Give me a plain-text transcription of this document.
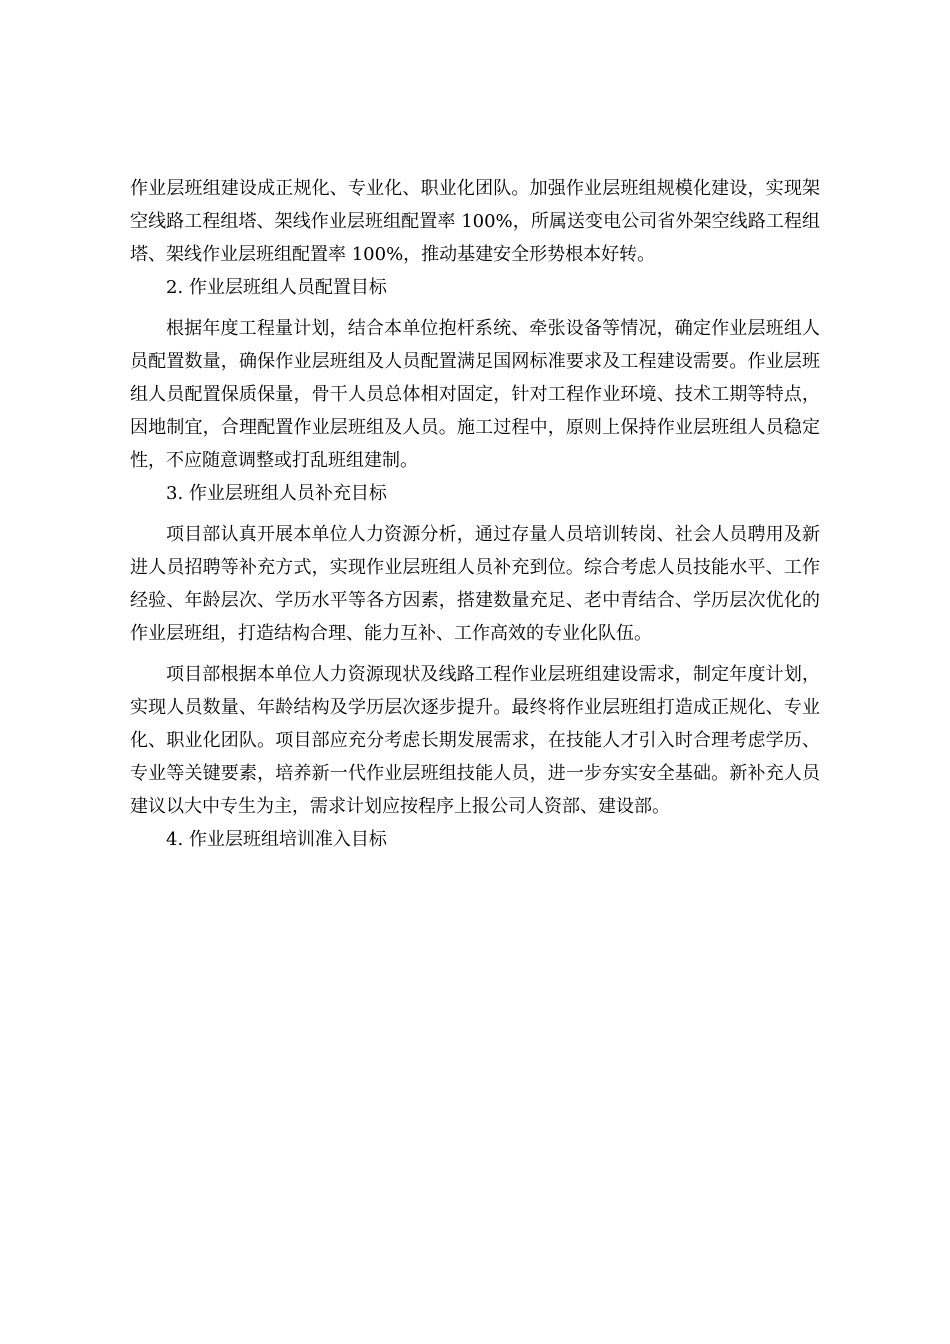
作业层班组建设成正规化、专业化、职业化团队。加强作业层班组规模化建设，实现架空线路工程组塔、架线作业层班组配置率 100%，所属送变电公司省外架空线路工程组塔、架线作业层班组配置率 100%，推动基建安全形势根本好转。

2. 作业层班组人员配置目标

根据年度工程量计划，结合本单位抱杆系统、牵张设备等情况，确定作业层班组人员配置数量，确保作业层班组及人员配置满足国网标准要求及工程建设需要。作业层班组人员配置保质保量，骨干人员总体相对固定，针对工程作业环境、技术工期等特点，因地制宜，合理配置作业层班组及人员。施工过程中，原则上保持作业层班组人员稳定性，不应随意调整或打乱班组建制。

3. 作业层班组人员补充目标

项目部认真开展本单位人力资源分析，通过存量人员培训转岗、社会人员聘用及新进人员招聘等补充方式，实现作业层班组人员补充到位。综合考虑人员技能水平、工作经验、年龄层次、学历水平等各方因素，搭建数量充足、老中青结合、学历层次优化的作业层班组，打造结构合理、能力互补、工作高效的专业化队伍。

项目部根据本单位人力资源现状及线路工程作业层班组建设需求，制定年度计划，实现人员数量、年龄结构及学历层次逐步提升。最终将作业层班组打造成正规化、专业化、职业化团队。项目部应充分考虑长期发展需求，在技能人才引入时合理考虑学历、专业等关键要素，培养新一代作业层班组技能人员，进一步夯实安全基础。新补充人员建议以大中专生为主，需求计划应按程序上报公司人资部、建设部。

4. 作业层班组培训准入目标
